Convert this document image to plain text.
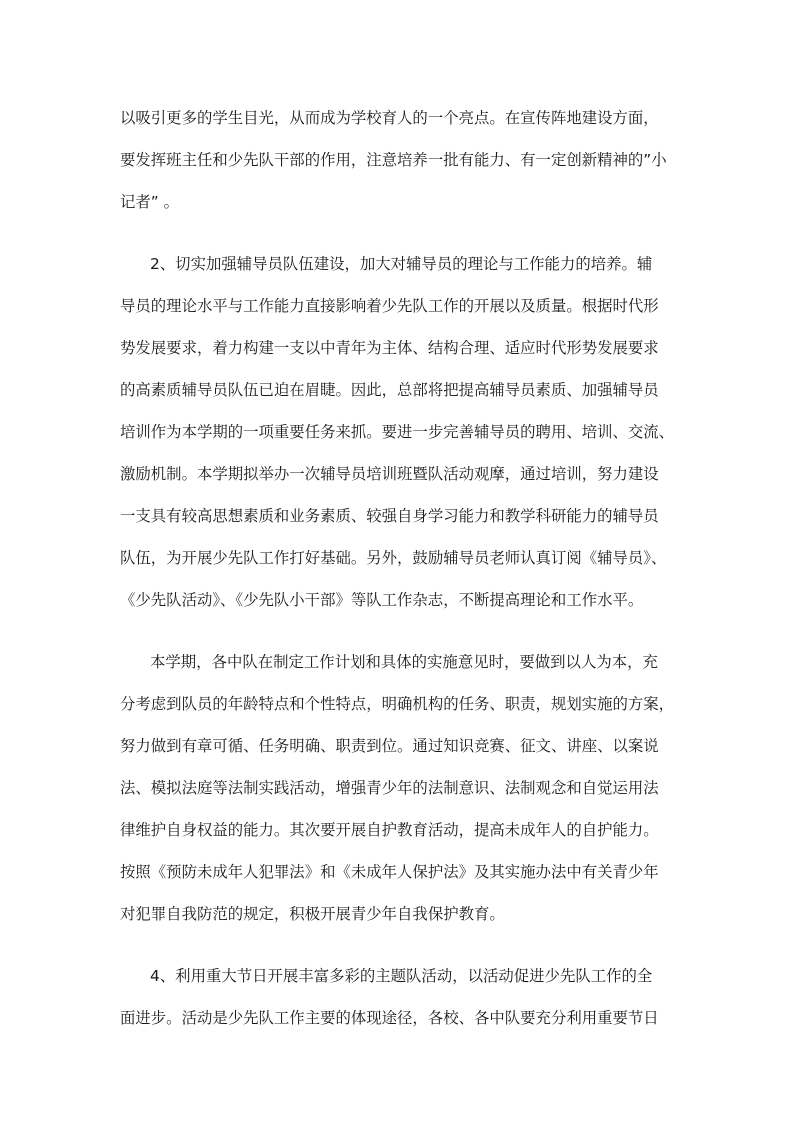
以吸引更多的学生目光，从而成为学校育人的一个亮点。在宣传阵地建设方面，
要发挥班主任和少先队干部的作用，注意培养一批有能力、有一定创新精神的”小
记者” 。
2、切实加强辅导员队伍建设，加大对辅导员的理论与工作能力的培养。辅
导员的理论水平与工作能力直接影响着少先队工作的开展以及质量。根据时代形
势发展要求，着力构建一支以中青年为主体、结构合理、适应时代形势发展要求
的高素质辅导员队伍已迫在眉睫。因此，总部将把提高辅导员素质、加强辅导员
培训作为本学期的一项重要任务来抓。要进一步完善辅导员的聘用、培训、交流、
激励机制。本学期拟举办一次辅导员培训班暨队活动观摩，通过培训，努力建设
一支具有较高思想素质和业务素质、较强自身学习能力和教学科研能力的辅导员
队伍，为开展少先队工作打好基础。另外，鼓励辅导员老师认真订阅《辅导员》、
《少先队活动》、《少先队小干部》等队工作杂志，不断提高理论和工作水平。
本学期，各中队在制定工作计划和具体的实施意见时，要做到以人为本，充
分考虑到队员的年龄特点和个性特点，明确机构的任务、职责，规划实施的方案，
努力做到有章可循、任务明确、职责到位。通过知识竞赛、征文、讲座、以案说
法、模拟法庭等法制实践活动，增强青少年的法制意识、法制观念和自觉运用法
律维护自身权益的能力。其次要开展自护教育活动，提高未成年人的自护能力。
按照《预防未成年人犯罪法》和《未成年人保护法》及其实施办法中有关青少年
对犯罪自我防范的规定，积极开展青少年自我保护教育。
4、利用重大节日开展丰富多彩的主题队活动，以活动促进少先队工作的全
面进步。活动是少先队工作主要的体现途径，各校、各中队要充分利用重要节日
